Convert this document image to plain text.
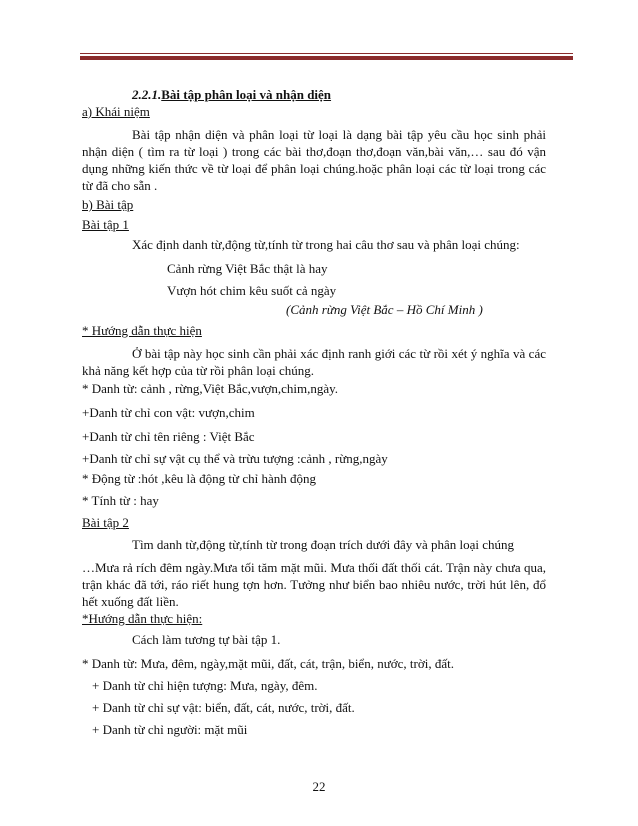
2.2.1.Bài tập phân loại và nhận diện

a) Khái niệm

Bài tập nhận diện và phân loại từ loại là dạng bài tập yêu cầu học sinh phải nhận diện ( tìm ra từ loại ) trong các bài thơ,đoạn thơ,đoạn văn,bài văn,… sau đó vận dụng những kiến thức về từ loại để phân loại chúng.hoặc phân loại các từ loại trong các từ đã cho sẵn .

b) Bài tập

Bài tập 1

Xác định danh từ,động từ,tính từ trong hai câu thơ sau và phân loại chúng:

Cảnh rừng Việt Bắc thật là hay

Vượn hót chim kêu suốt cả ngày

(Cảnh rừng Việt Bắc – Hồ Chí Minh )

* Hướng dẫn thực hiện

Ở bài tập này học sinh cần phải xác định ranh giới các từ rồi xét ý nghĩa và các khả năng kết hợp của từ rồi phân loại chúng.

* Danh từ: cảnh , rừng,Việt Bắc,vượn,chim,ngày.

+Danh từ chỉ con vật: vượn,chim

+Danh từ chỉ tên riêng : Việt Bắc

+Danh từ chỉ sự vật cụ thể và trừu tượng :cảnh , rừng,ngày

* Động từ :hót ,kêu là động từ chỉ hành động

* Tính từ : hay

Bài tập 2

Tìm danh từ,động từ,tính từ trong đoạn trích dưới đây và phân loại chúng

…Mưa rả rích đêm ngày.Mưa tối tăm mặt mũi. Mưa thối đất thối cát. Trận này chưa qua, trận khác đã tới, ráo riết hung tợn hơn. Tưởng như biển bao nhiêu nước, trời hút lên, đổ hết xuống đất liền.

*Hướng dẫn thực hiện:

Cách làm tương tự bài tập 1.

* Danh từ: Mưa, đêm, ngày,mặt mũi, đất, cát, trận, biển, nước, trời, đất.

+ Danh từ chỉ hiện tượng: Mưa, ngày, đêm.

+ Danh từ chỉ sự vật: biển, đất, cát, nước, trời, đất.

+ Danh từ chỉ người: mặt mũi

22
